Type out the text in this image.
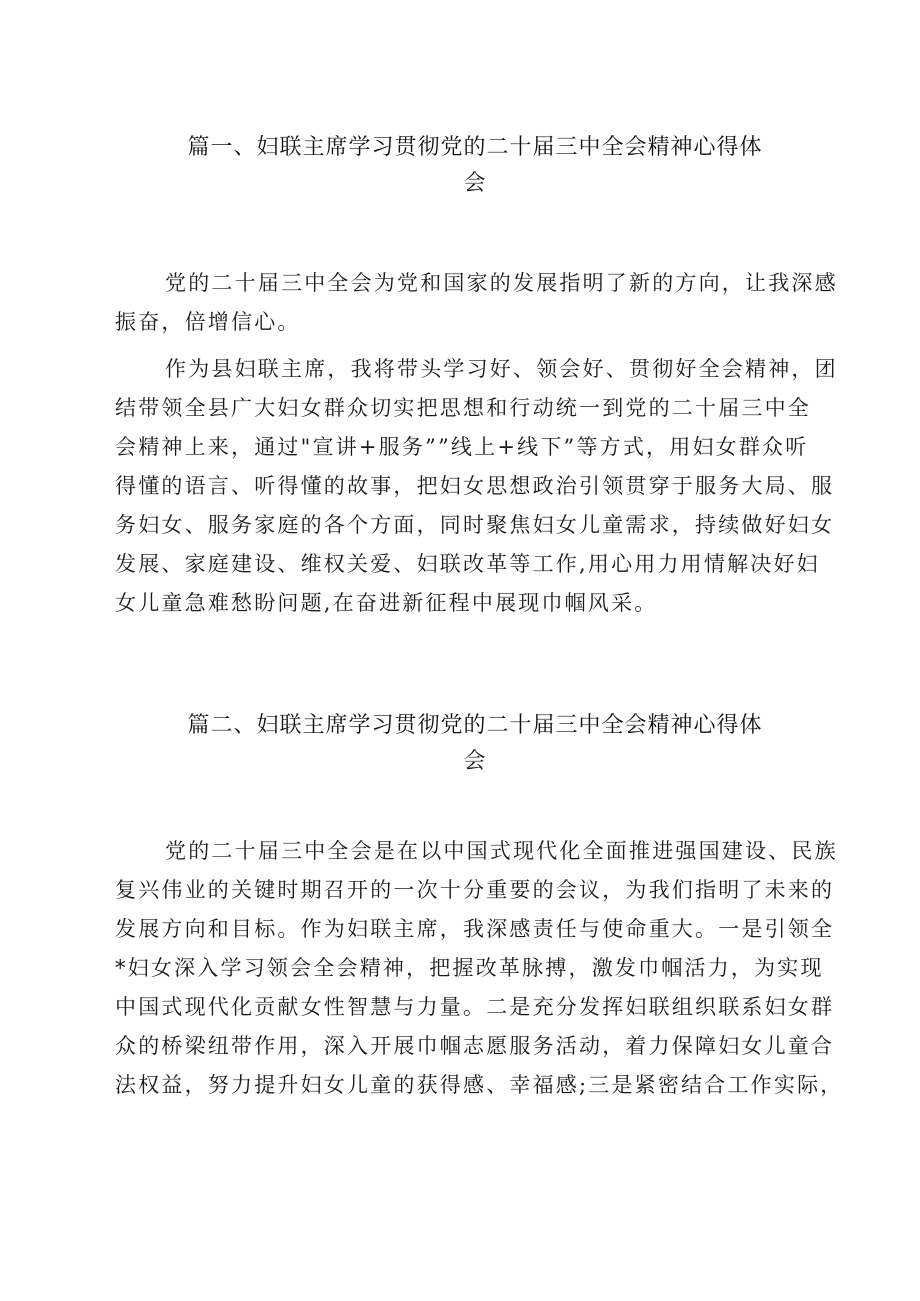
篇一、妇联主席学习贯彻党的二十届三中全会精神心得体
会
党的二十届三中全会为党和国家的发展指明了新的方向，让我深感
振奋，倍增信心。
作为县妇联主席，我将带头学习好、领会好、贯彻好全会精神，团
结带领全县广大妇女群众切实把思想和行动统一到党的二十届三中全
会精神上来，通过"宣讲+服务””线上+线下”等方式，用妇女群众听
得懂的语言、听得懂的故事，把妇女思想政治引领贯穿于服务大局、服
务妇女、服务家庭的各个方面，同时聚焦妇女儿童需求，持续做好妇女
发展、家庭建设、维权关爱、妇联改革等工作,用心用力用情解决好妇
女儿童急难愁盼问题,在奋进新征程中展现巾帼风采。
篇二、妇联主席学习贯彻党的二十届三中全会精神心得体
会
党的二十届三中全会是在以中国式现代化全面推进强国建设、民族
复兴伟业的关键时期召开的一次十分重要的会议，为我们指明了未来的
发展方向和目标。作为妇联主席，我深感责任与使命重大。一是引领全
*妇女深入学习领会全会精神，把握改革脉搏，激发巾帼活力，为实现
中国式现代化贡献女性智慧与力量。二是充分发挥妇联组织联系妇女群
众的桥梁纽带作用，深入开展巾帼志愿服务活动，着力保障妇女儿童合
法权益，努力提升妇女儿童的获得感、幸福感;三是紧密结合工作实际，
